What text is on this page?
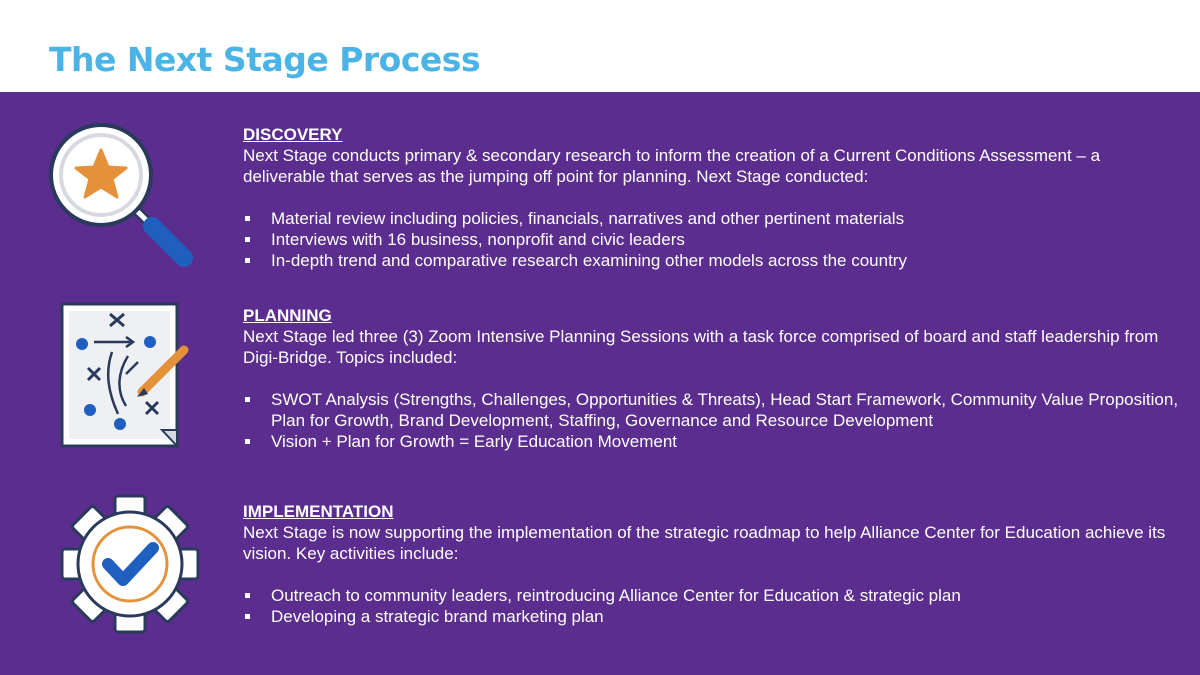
The Next Stage Process
DISCOVERY
Next Stage conducts primary & secondary research to inform the creation of a Current Conditions Assessment – a deliverable that serves as the jumping off point for planning. Next Stage conducted:
Material review including policies, financials, narratives and other pertinent materials
Interviews with 16 business, nonprofit and civic leaders
In-depth trend and comparative research examining other models across the country
PLANNING
Next Stage led three (3) Zoom Intensive Planning Sessions with a task force comprised of board and staff leadership from Digi-Bridge. Topics included:
SWOT Analysis (Strengths, Challenges, Opportunities & Threats), Head Start Framework, Community Value Proposition, Plan for Growth, Brand Development, Staffing, Governance and Resource Development
Vision + Plan for Growth = Early Education Movement
IMPLEMENTATION
Next Stage is now supporting the implementation of the strategic roadmap to help Alliance Center for Education achieve its vision. Key activities include:
Outreach to community leaders, reintroducing Alliance Center for Education & strategic plan
Developing a strategic brand marketing plan
